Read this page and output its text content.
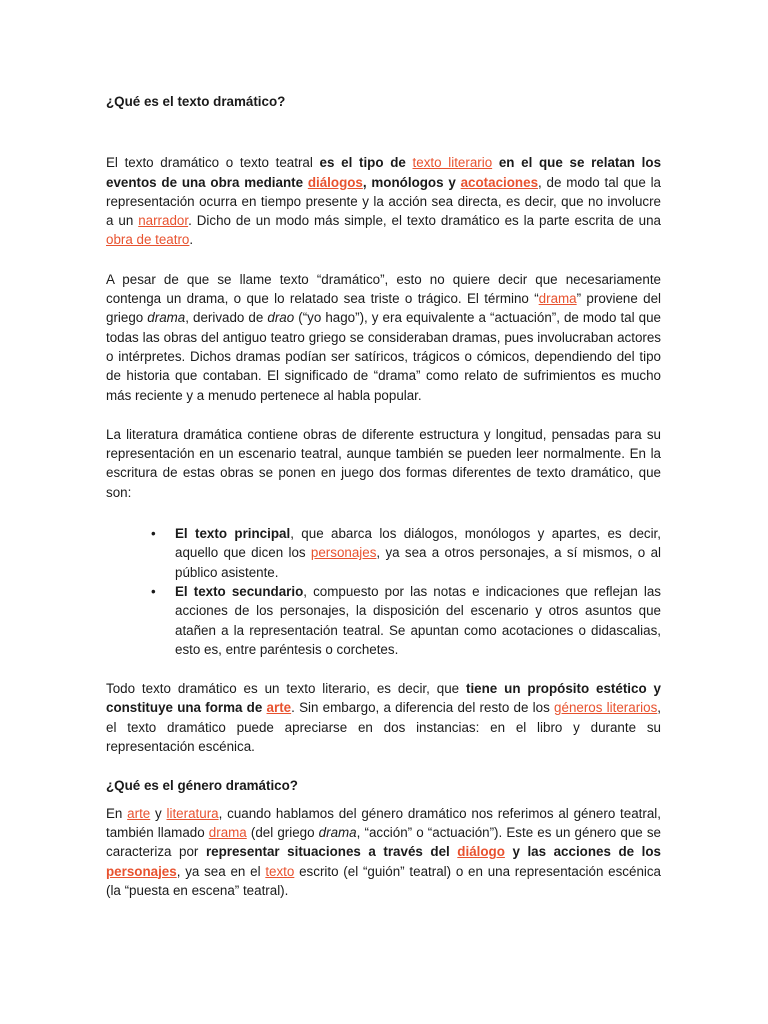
¿Qué es el texto dramático?

El texto dramático o texto teatral es el tipo de texto literario en el que se relatan los eventos de una obra mediante diálogos, monólogos y acotaciones, de modo tal que la representación ocurra en tiempo presente y la acción sea directa, es decir, que no involucre a un narrador. Dicho de un modo más simple, el texto dramático es la parte escrita de una obra de teatro.

A pesar de que se llame texto “dramático”, esto no quiere decir que necesariamente contenga un drama, o que lo relatado sea triste o trágico. El término “drama” proviene del griego drama, derivado de drao (“yo hago”), y era equivalente a “actuación”, de modo tal que todas las obras del antiguo teatro griego se consideraban dramas, pues involucraban actores o intérpretes. Dichos dramas podían ser satíricos, trágicos o cómicos, dependiendo del tipo de historia que contaban. El significado de “drama” como relato de sufrimientos es mucho más reciente y a menudo pertenece al habla popular.

La literatura dramática contiene obras de diferente estructura y longitud, pensadas para su representación en un escenario teatral, aunque también se pueden leer normalmente. En la escritura de estas obras se ponen en juego dos formas diferentes de texto dramático, que son:

• El texto principal, que abarca los diálogos, monólogos y apartes, es decir, aquello que dicen los personajes, ya sea a otros personajes, a sí mismos, o al público asistente.
• El texto secundario, compuesto por las notas e indicaciones que reflejan las acciones de los personajes, la disposición del escenario y otros asuntos que atañen a la representación teatral. Se apuntan como acotaciones o didascalias, esto es, entre paréntesis o corchetes.

Todo texto dramático es un texto literario, es decir, que tiene un propósito estético y constituye una forma de arte. Sin embargo, a diferencia del resto de los géneros literarios, el texto dramático puede apreciarse en dos instancias: en el libro y durante su representación escénica.

¿Qué es el género dramático?

En arte y literatura, cuando hablamos del género dramático nos referimos al género teatral, también llamado drama (del griego drama, “acción” o “actuación”). Este es un género que se caracteriza por representar situaciones a través del diálogo y las acciones de los personajes, ya sea en el texto escrito (el “guión” teatral) o en una representación escénica (la “puesta en escena” teatral).
